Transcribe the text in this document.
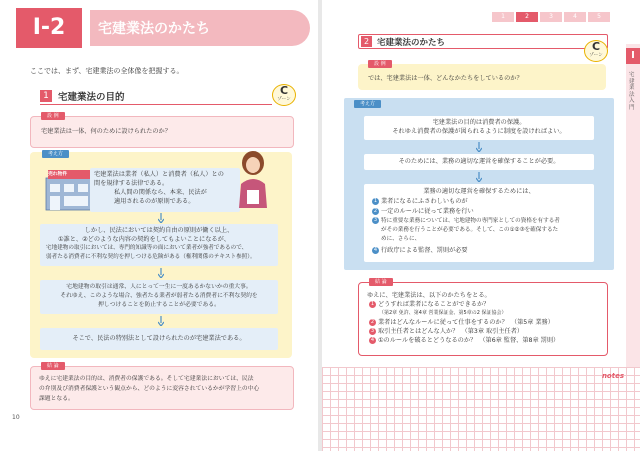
I-2	宅建業法のかたち
ここでは、まず、宅建業法の全体像を把握する。
1 宅建業法の目的
C
ゾーン
設 例
宅建業法は一体、何のために設けられたのか？
考え方
売れ物件	宅建業法は業者（私人）と消費者（私人）との
間を規律する法律である。
私人間の関係なら、本来、民法が
適用されるのが原則である。
しかし、民法においては契約自由の原則が働く以上、
①誰と、②どのような内容の契約をしてもよいことになるが、
宅地建物の取引においては、専門的知識等の面において業者が強者であるので、
弱者たる消費者に不利な契約を押しつける危険がある（権利関係のテキスト参照）。
宅地建物の取引は通常、人にとって一生に一度あるかないかの重大事。
それゆえ、このような場合、強者たる業者が弱者たる消費者に不利な契約を
押しつけることを防止することが必要である。
そこで、民法の特別法として設けられたのが宅建業法である。
結 論
ゆえに宅建業法の目的は、消費者の保護である。そして宅建業法においては、民法
の弁別及び消費者保護という観点から、どのように変容されているかが学習上の中心
課題となる。
10
1	2	3	4	5
I
宅建業法入門
2 宅建業法のかたち	C
ゾーン
設 例
では、宅建業法は一体、どんなかたちをしているのか？
考え方
宅建業法の目的は消費者の保護。
それゆえ消費者の保護が図られるように制度を設ければよい。
そのためには、業務の適切な運営を確保することが必要。
業務の適切な運営を確保するためには、
1 業者になるにふさわしいものが
2 一定のルールに従って業務を行い
3 特に重要な業務については、宅地建物の専門家としての資格を有する者
がその業務を行うことが必要である。そして、この①②③を確保するた
めに、さらに、
4 行政庁による監督、罰則が必要
結 論
ゆえに、宅建業法は、以下のかたちをとる。
1 どうすれば業者になることができるか？
（第2章 免許、第4章 営業保証金、第5章の2 保証協会）
2 業者はどんなルールに従って仕事をするのか？　（第5章 業務）
3 取引主任者とはどんな人か？　（第3章 取引主任者）
4 ①のルールを破るとどうなるのか？　（第6章 監督、第8章 罰則）
notes
